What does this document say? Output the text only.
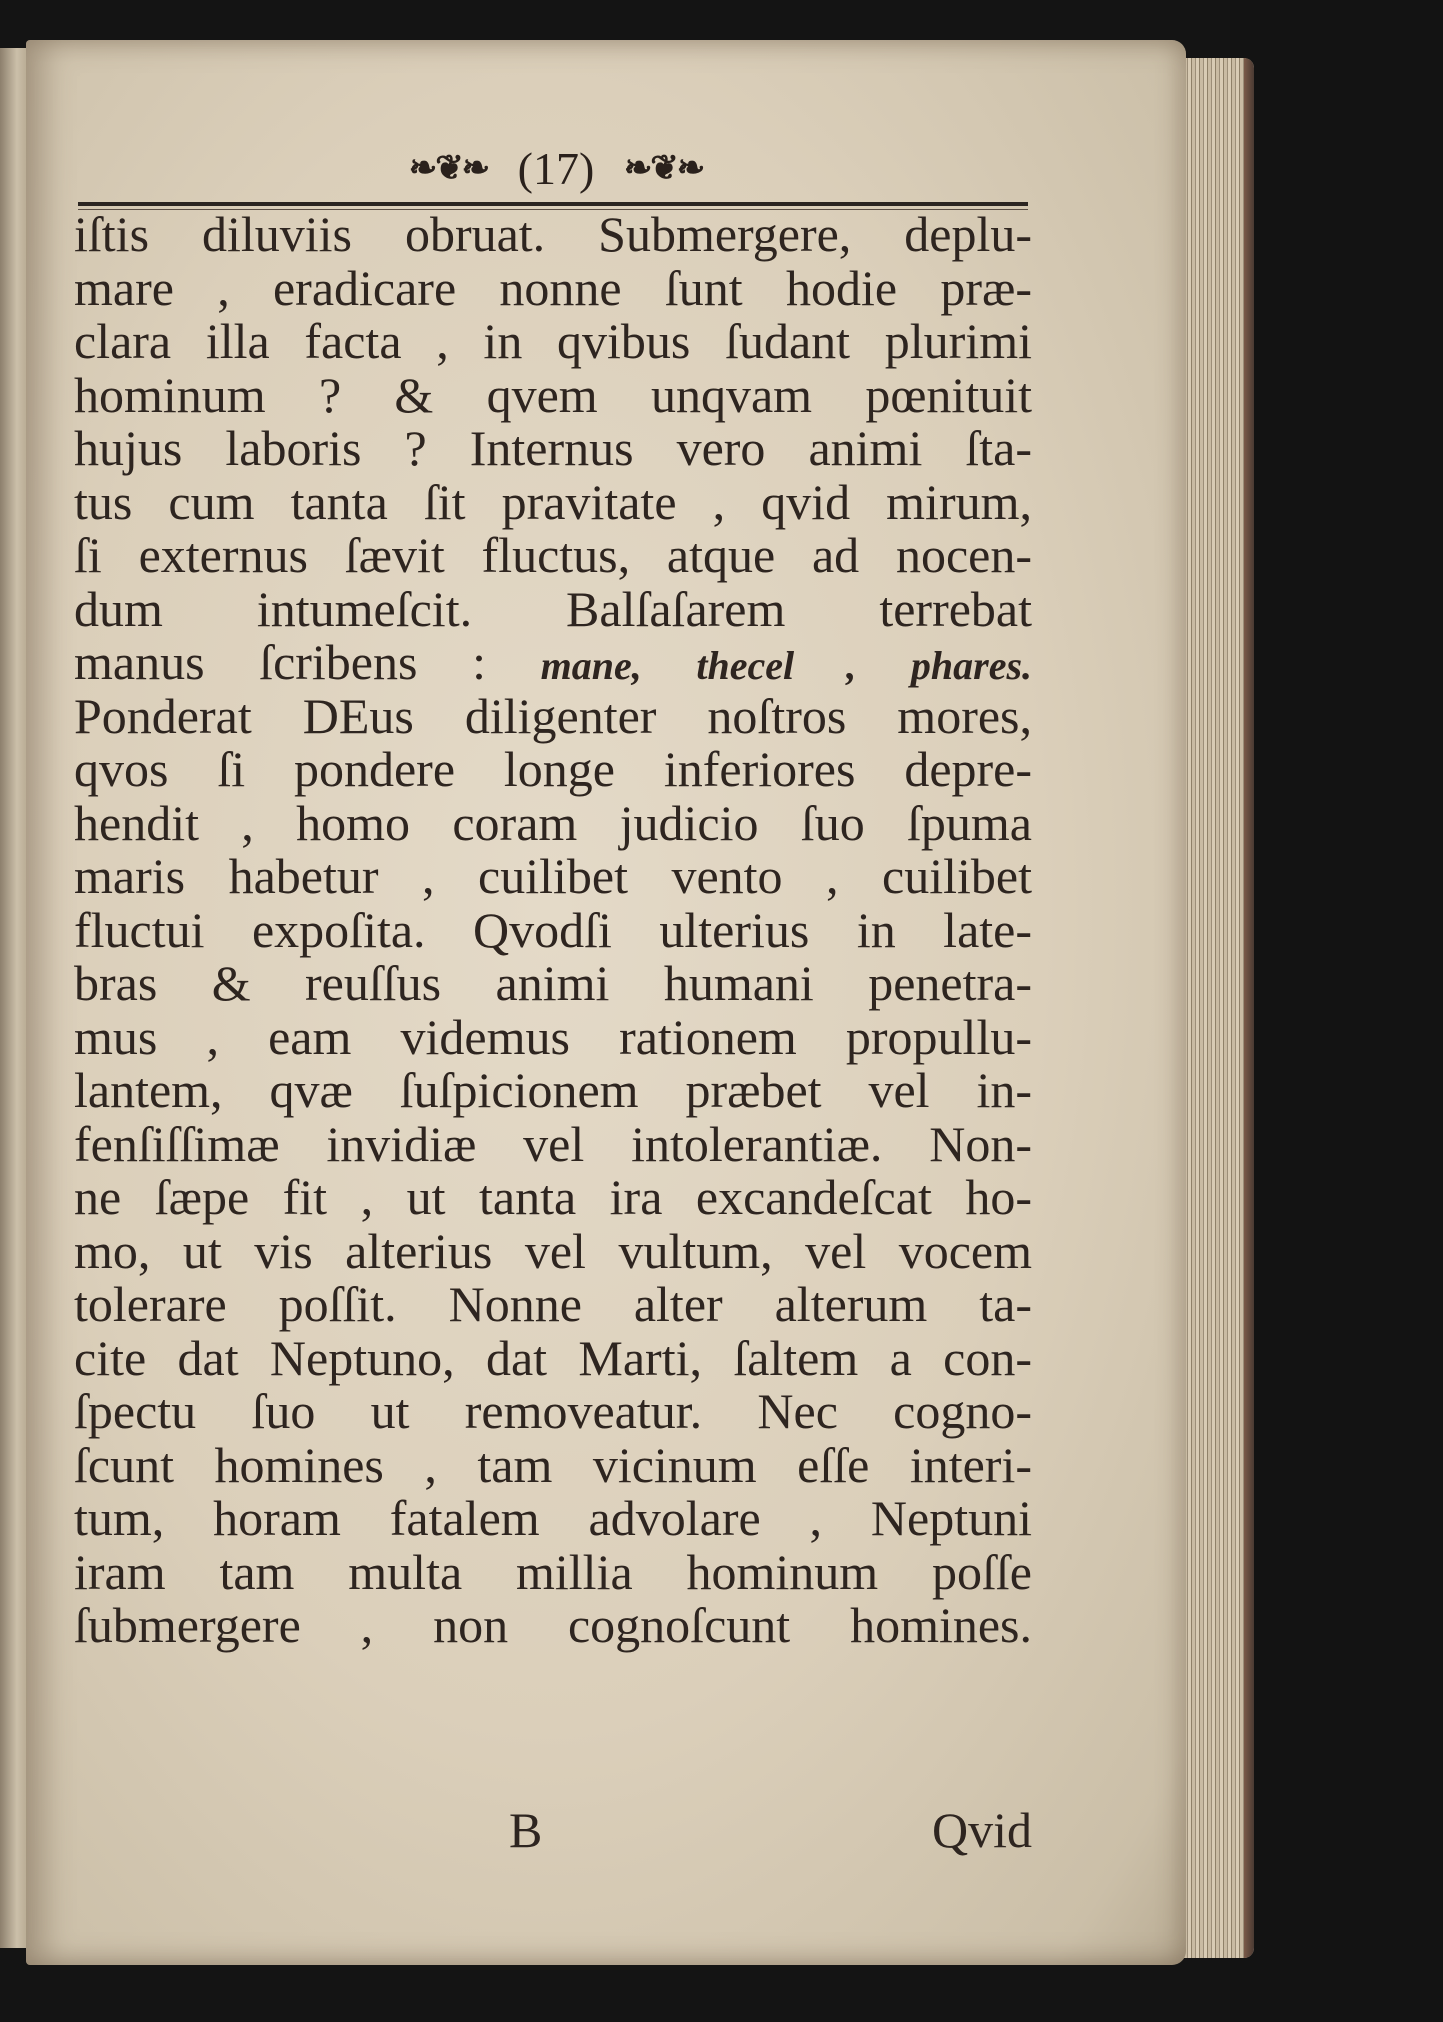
❧❦❧ (17) ❧❦❧
iſtis diluviis obruat. Submergere, deplu-
mare , eradicare nonne ſunt hodie præ-
clara illa facta , in qvibus ſudant plurimi
hominum ? & qvem unqvam pœnituit
hujus laboris ? Internus vero animi ſta-
tus cum tanta ſit pravitate , qvid mirum,
ſi externus ſævit fluctus, atque ad nocen-
dum intumeſcit. Balſaſarem terrebat
manus ſcribens : mane, thecel , phares.
Ponderat DEus diligenter noſtros mores,
qvos ſi pondere longe inferiores depre-
hendit , homo coram judicio ſuo ſpuma
maris habetur , cuilibet vento , cuilibet
fluctui expoſita. Qvodſi ulterius in late-
bras & reuſſus animi humani penetra-
mus , eam videmus rationem propullu-
lantem, qvæ ſuſpicionem præbet vel in-
fenſiſſimæ invidiæ vel intolerantiæ. Non-
ne ſæpe fit , ut tanta ira excandeſcat ho-
mo, ut vis alterius vel vultum, vel vocem
tolerare poſſit. Nonne alter alterum ta-
cite dat Neptuno, dat Marti, ſaltem a con-
ſpectu ſuo ut removeatur. Nec cogno-
ſcunt homines , tam vicinum eſſe interi-
tum, horam fatalem advolare , Neptuni
iram tam multa millia hominum poſſe
ſubmergere , non cognoſcunt homines.
B	Qvid
